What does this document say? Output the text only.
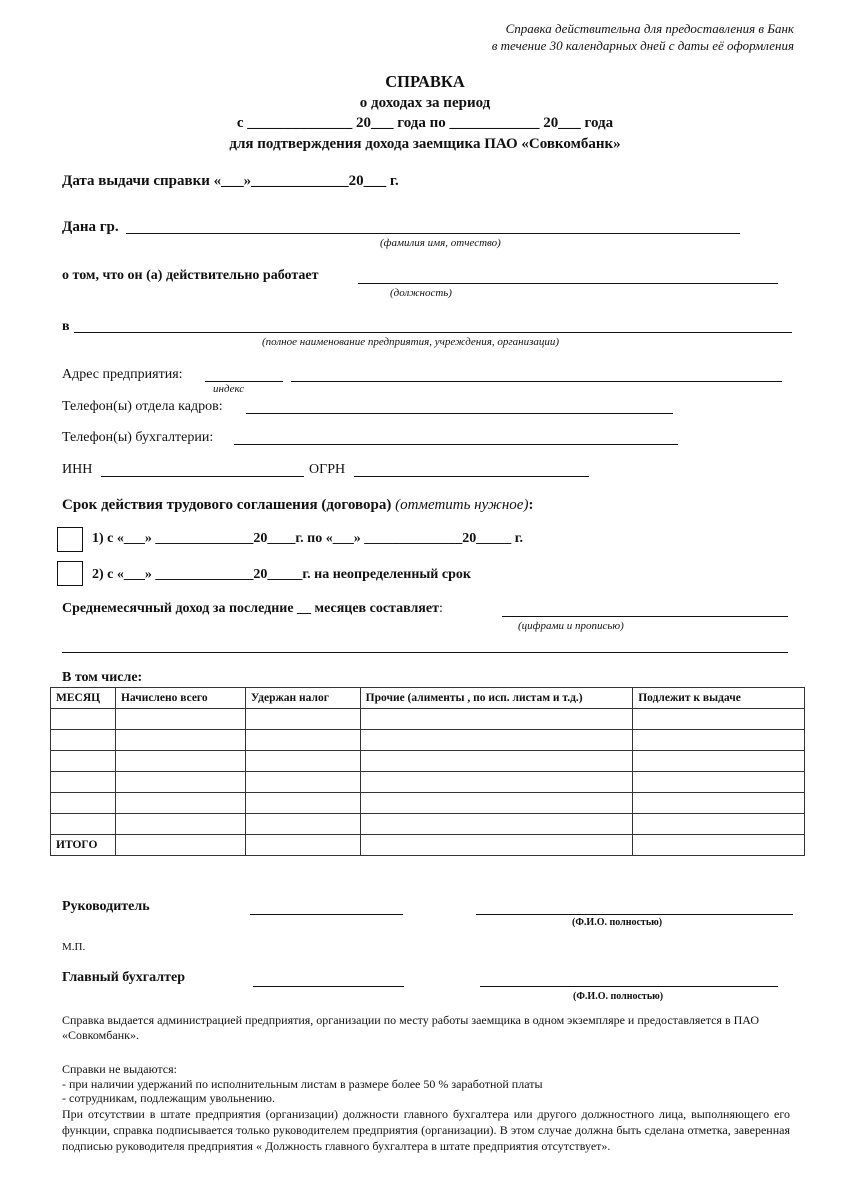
Справка действительна для предоставления в Банк
в течение 30 календарных дней с даты её оформления
СПРАВКА
о доходах за период
с ______________ 20___ года по ____________ 20___ года
для подтверждения дохода заемщика ПАО «Совкомбанк»
Дата выдачи справки «___»_____________20___ г.
Дана гр.
(фамилия имя, отчество)
о том, что он (а) действительно работает
(должность)
в
(полное наименование предприятия, учреждения, организации)
Адрес предприятия:
индекс
Телефон(ы) отдела кадров:
Телефон(ы) бухгалтерии:
ИНН	ОГРН
Срок действия трудового соглашения (договора) (отметить нужное):
1) с «___» ______________20____г. по «___» ______________20_____ г.
2) с «___» ______________20_____г. на неопределенный срок
Среднемесячный доход за последние __ месяцев составляет:
(цифрами и прописью)
В том числе:
МЕСЯЦ	Начислено всего	Удержан налог	Прочие (алименты , по исп. листам и т.д.)	Подлежит к выдаче

ИТОГО				
Руководитель
(Ф.И.О. полностью)
М.П.
Главный бухгалтер
(Ф.И.О. полностью)
Справка выдается администрацией предприятия, организации по месту работы заемщика в одном экземпляре и предоставляется в ПАО «Совкомбанк».
Справки не выдаются:
- при наличии удержаний по исполнительным листам в размере более 50 % заработной платы
- сотрудникам, подлежащим увольнению.
При отсутствии в штате предприятия (организации) должности главного бухгалтера или другого должностного лица, выполняющего его функции, справка подписывается только руководителем предприятия (организации). В этом случае должна быть сделана отметка, заверенная подписью руководителя предприятия « Должность главного бухгалтера в штате предприятия отсутствует».
